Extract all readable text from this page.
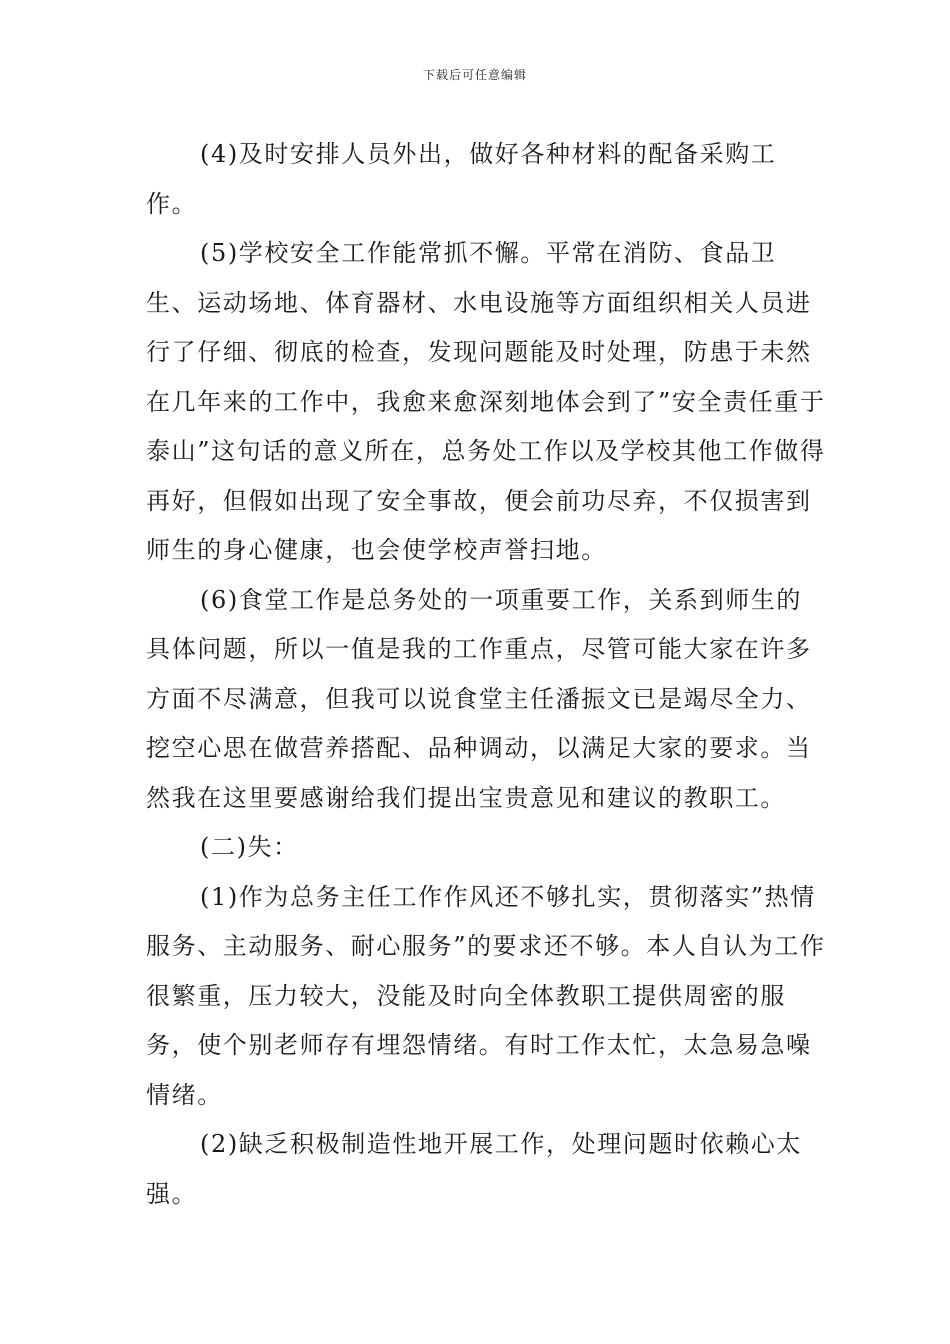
下载后可任意编辑

(4)及时安排人员外出，做好各种材料的配备采购工作。

(5)学校安全工作能常抓不懈。平常在消防、食品卫生、运动场地、体育器材、水电设施等方面组织相关人员进行了仔细、彻底的检查，发现问题能及时处理，防患于未然在几年来的工作中，我愈来愈深刻地体会到了”安全责任重于泰山”这句话的意义所在，总务处工作以及学校其他工作做得再好，但假如出现了安全事故，便会前功尽弃，不仅损害到师生的身心健康，也会使学校声誉扫地。

(6)食堂工作是总务处的一项重要工作，关系到师生的具体问题，所以一值是我的工作重点，尽管可能大家在许多方面不尽满意，但我可以说食堂主任潘振文已是竭尽全力、挖空心思在做营养搭配、品种调动，以满足大家的要求。当然我在这里要感谢给我们提出宝贵意见和建议的教职工。

(二)失：

(1)作为总务主任工作作风还不够扎实，贯彻落实”热情服务、主动服务、耐心服务”的要求还不够。本人自认为工作很繁重，压力较大，没能及时向全体教职工提供周密的服务，使个别老师存有埋怨情绪。有时工作太忙，太急易急噪情绪。

(2)缺乏积极制造性地开展工作，处理问题时依赖心太强。
